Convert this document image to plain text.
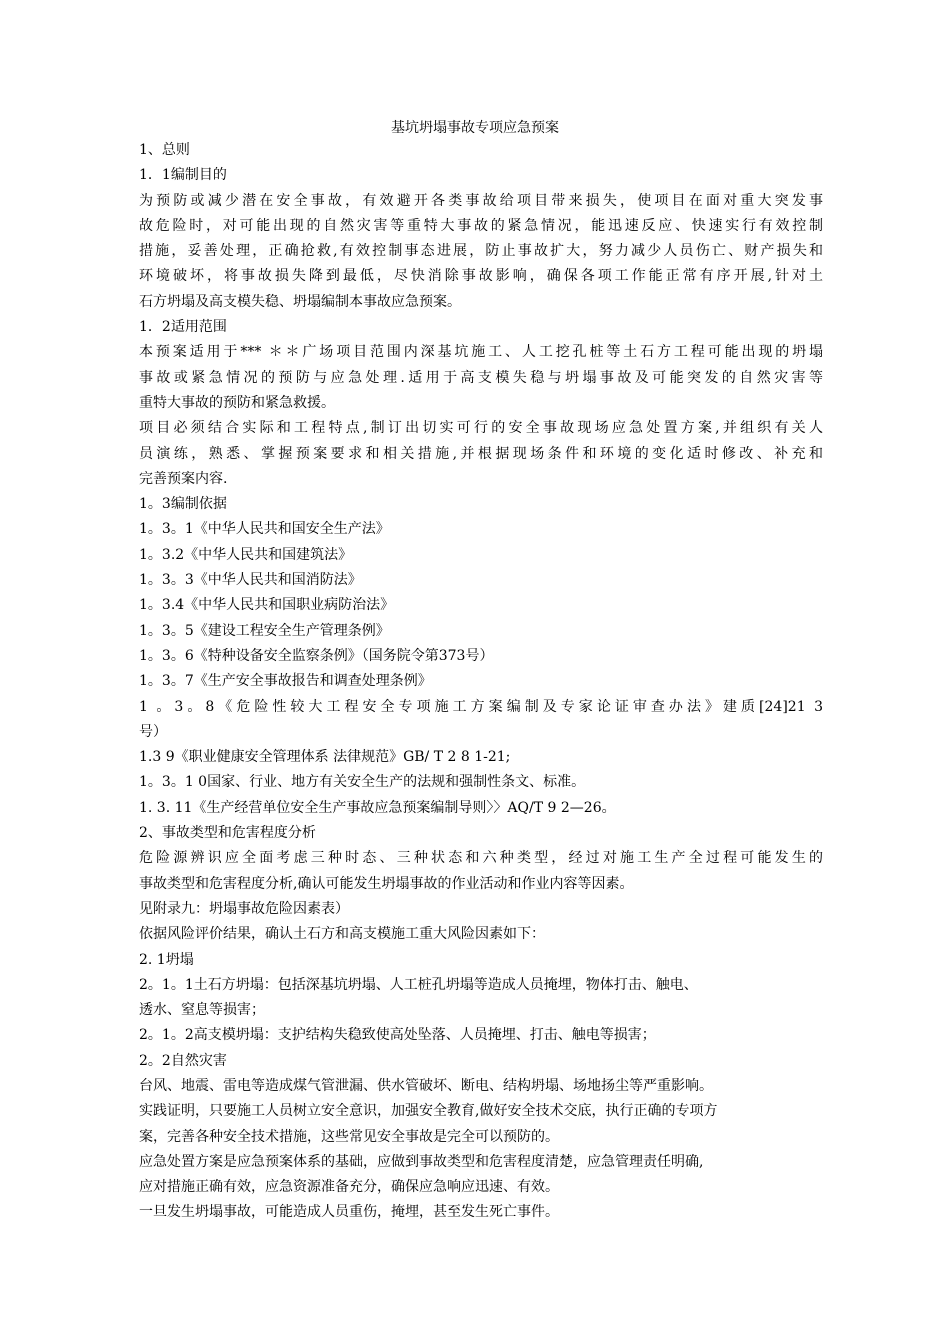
基坑坍塌事故专项应急预案
1、总则
1．1编制目的
为预防或减少潜在安全事故，有效避开各类事故给项目带来损失，使项目在面对重大突发事
故危险时，对可能出现的自然灾害等重特大事故的紧急情况，能迅速反应、快速实行有效控制
措施，妥善处理，正确抢救,有效控制事态进展，防止事故扩大，努力减少人员伤亡、财产损失和
环境破坏，将事故损失降到最低，尽快消除事故影响，确保各项工作能正常有序开展,针对土
石方坍塌及高支模失稳、坍塌编制本事故应急预案。
1．2适用范围
本预案适用于*** ＊＊广场项目范围内深基坑施工、人工挖孔桩等土石方工程可能出现的坍塌
事故或紧急情况的预防与应急处理.适用于高支模失稳与坍塌事故及可能突发的自然灾害等
重特大事故的预防和紧急救援。
项目必须结合实际和工程特点,制订出切实可行的安全事故现场应急处置方案,并组织有关人
员演练，熟悉、掌握预案要求和相关措施,并根据现场条件和环境的变化适时修改、补充和
完善预案内容.
1。3编制依据
1。3。1《中华人民共和国安全生产法》
1。3.2《中华人民共和国建筑法》
1。3。3《中华人民共和国消防法》
1。3.4《中华人民共和国职业病防治法》
1。3。5《建设工程安全生产管理条例》
1。3。6《特种设备安全监察条例》（国务院令第373号）
1。3。7《生产安全事故报告和调查处理条例》
1 。3。8《危险性较大工程安全专项施工方案编制及专家论证审查办法》建质[24]21 3
号）
1.3 9《职业健康安全管理体系 法律规范》GB/ T 2 8 1-21;
1。3。1 0国家、行业、地方有关安全生产的法规和强制性条文、标准。
1. 3. 11《生产经营单位安全生产事故应急预案编制导则〉〉AQ/T 9 2—26。
2、事故类型和危害程度分析
危险源辨识应全面考虑三种时态、三种状态和六种类型，经过对施工生产全过程可能发生的
事故类型和危害程度分析,确认可能发生坍塌事故的作业活动和作业内容等因素。
见附录九：坍塌事故危险因素表）
依据风险评价结果，确认土石方和高支模施工重大风险因素如下：
2. 1坍塌
2。1。1土石方坍塌：包括深基坑坍塌、人工桩孔坍塌等造成人员掩埋，物体打击、触电、
透水、窒息等损害；
2。1。2高支模坍塌：支护结构失稳致使高处坠落、人员掩埋、打击、触电等损害；
2。2自然灾害
台风、地震、雷电等造成煤气管泄漏、供水管破坏、断电、结构坍塌、场地扬尘等严重影响。
实践证明，只要施工人员树立安全意识，加强安全教育,做好安全技术交底，执行正确的专项方
案，完善各种安全技术措施，这些常见安全事故是完全可以预防的。
应急处置方案是应急预案体系的基础，应做到事故类型和危害程度清楚，应急管理责任明确,
应对措施正确有效，应急资源准备充分，确保应急响应迅速、有效。
一旦发生坍塌事故，可能造成人员重伤，掩埋，甚至发生死亡事件。
